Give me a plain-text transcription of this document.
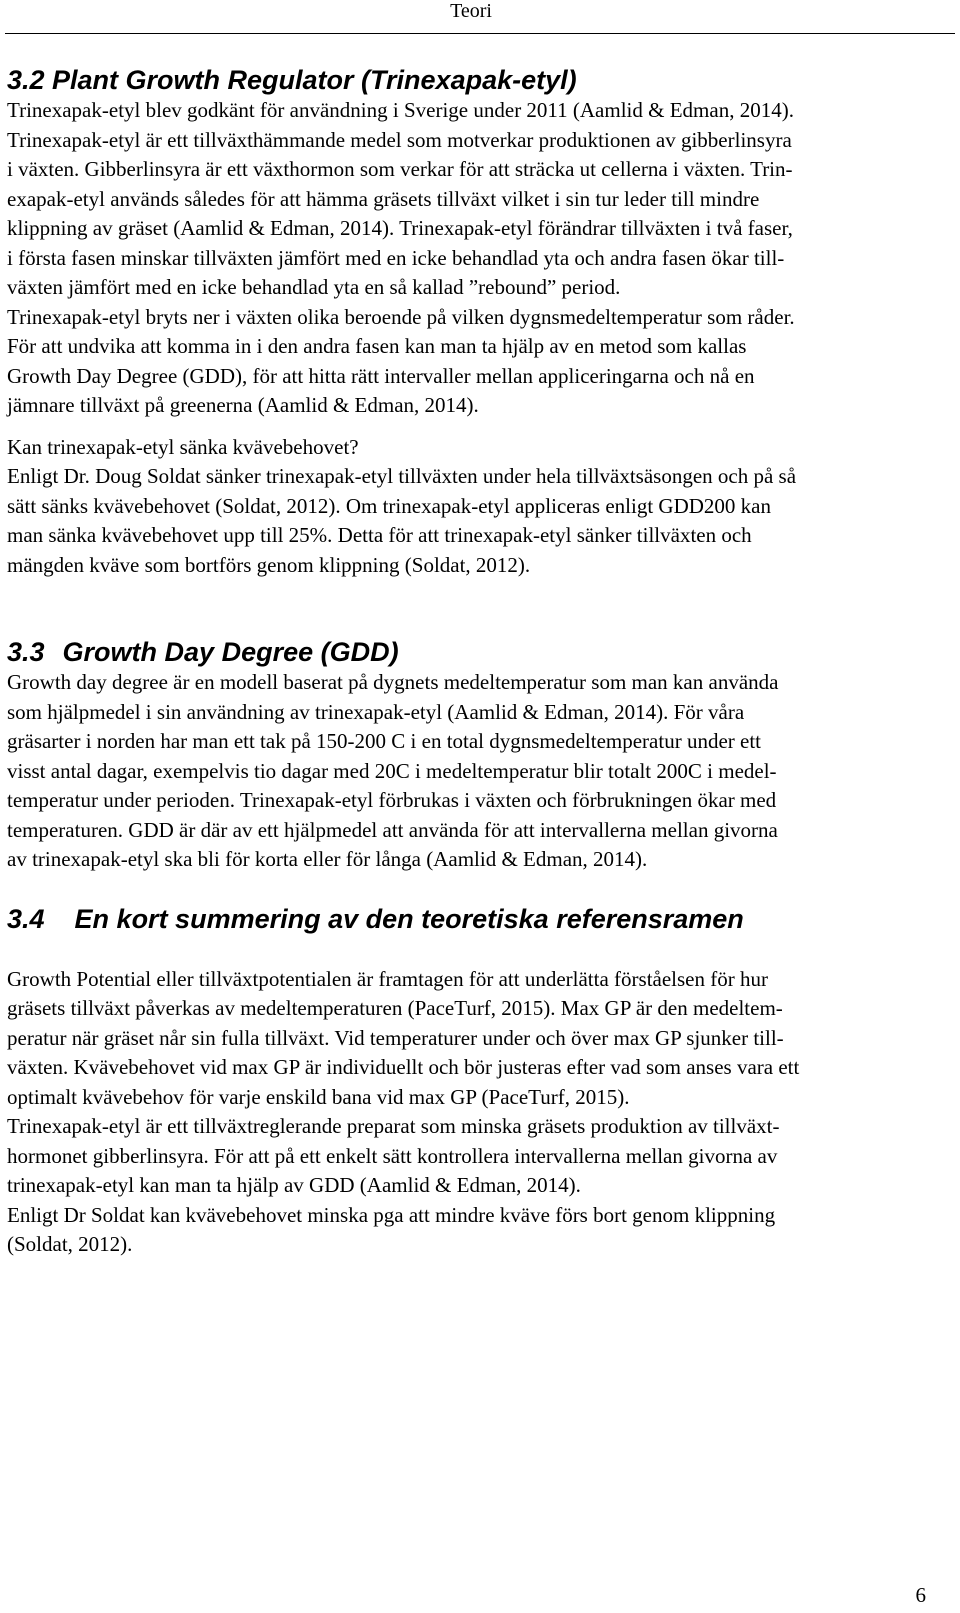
Teori
3.2 Plant Growth Regulator (Trinexapak-etyl)

Trinexapak-etyl blev godkänt för användning i Sverige under 2011 (Aamlid & Edman, 2014).

Trinexapak-etyl är ett tillväxthämmande medel som motverkar produktionen av gibberlinsyra

i växten. Gibberlinsyra är ett växthormon som verkar för att sträcka ut cellerna i växten. Trin-

exapak-etyl används således för att hämma gräsets tillväxt vilket i sin tur leder till mindre

klippning av gräset (Aamlid & Edman, 2014). Trinexapak-etyl förändrar tillväxten i två faser,

i första fasen minskar tillväxten jämfört med en icke behandlad yta och andra fasen ökar till-

växten jämfört med en icke behandlad yta en så kallad ”rebound” period.

Trinexapak-etyl bryts ner i växten olika beroende på vilken dygnsmedeltemperatur som råder.

För att undvika att komma in i den andra fasen kan man ta hjälp av en metod som kallas

Growth Day Degree (GDD), för att hitta rätt intervaller mellan appliceringarna och nå en

jämnare tillväxt på greenerna (Aamlid & Edman, 2014).

Kan trinexapak-etyl sänka kvävebehovet?

Enligt Dr. Doug Soldat sänker trinexapak-etyl tillväxten under hela tillväxtsäsongen och på så

sätt sänks kvävebehovet (Soldat, 2012). Om trinexapak-etyl appliceras enligt GDD200 kan

man sänka kvävebehovet upp till 25%. Detta för att trinexapak-etyl sänker tillväxten och

mängden kväve som bortförs genom klippning (Soldat, 2012).

3.3 Growth Day Degree (GDD)

Growth day degree är en modell baserat på dygnets medeltemperatur som man kan använda

som hjälpmedel i sin användning av trinexapak-etyl (Aamlid & Edman, 2014). För våra

gräsarter i norden har man ett tak på 150-200 C i en total dygnsmedeltemperatur under ett

visst antal dagar, exempelvis tio dagar med 20C i medeltemperatur blir totalt 200C i medel-

temperatur under perioden. Trinexapak-etyl förbrukas i växten och förbrukningen ökar med

temperaturen. GDD är där av ett hjälpmedel att använda för att intervallerna mellan givorna

av trinexapak-etyl ska bli för korta eller för långa (Aamlid & Edman, 2014).

3.4 En kort summering av den teoretiska referensramen

Growth Potential eller tillväxtpotentialen är framtagen för att underlätta förståelsen för hur

gräsets tillväxt påverkas av medeltemperaturen (PaceTurf, 2015). Max GP är den medeltem-

peratur när gräset når sin fulla tillväxt. Vid temperaturer under och över max GP sjunker till-

växten. Kvävebehovet vid max GP är individuellt och bör justeras efter vad som anses vara ett

optimalt kvävebehov för varje enskild bana vid max GP (PaceTurf, 2015).

Trinexapak-etyl är ett tillväxtreglerande preparat som minska gräsets produktion av tillväxt-

hormonet gibberlinsyra. För att på ett enkelt sätt kontrollera intervallerna mellan givorna av

trinexapak-etyl kan man ta hjälp av GDD (Aamlid & Edman, 2014).

Enligt Dr Soldat kan kvävebehovet minska pga att mindre kväve förs bort genom klippning

(Soldat, 2012).

6
